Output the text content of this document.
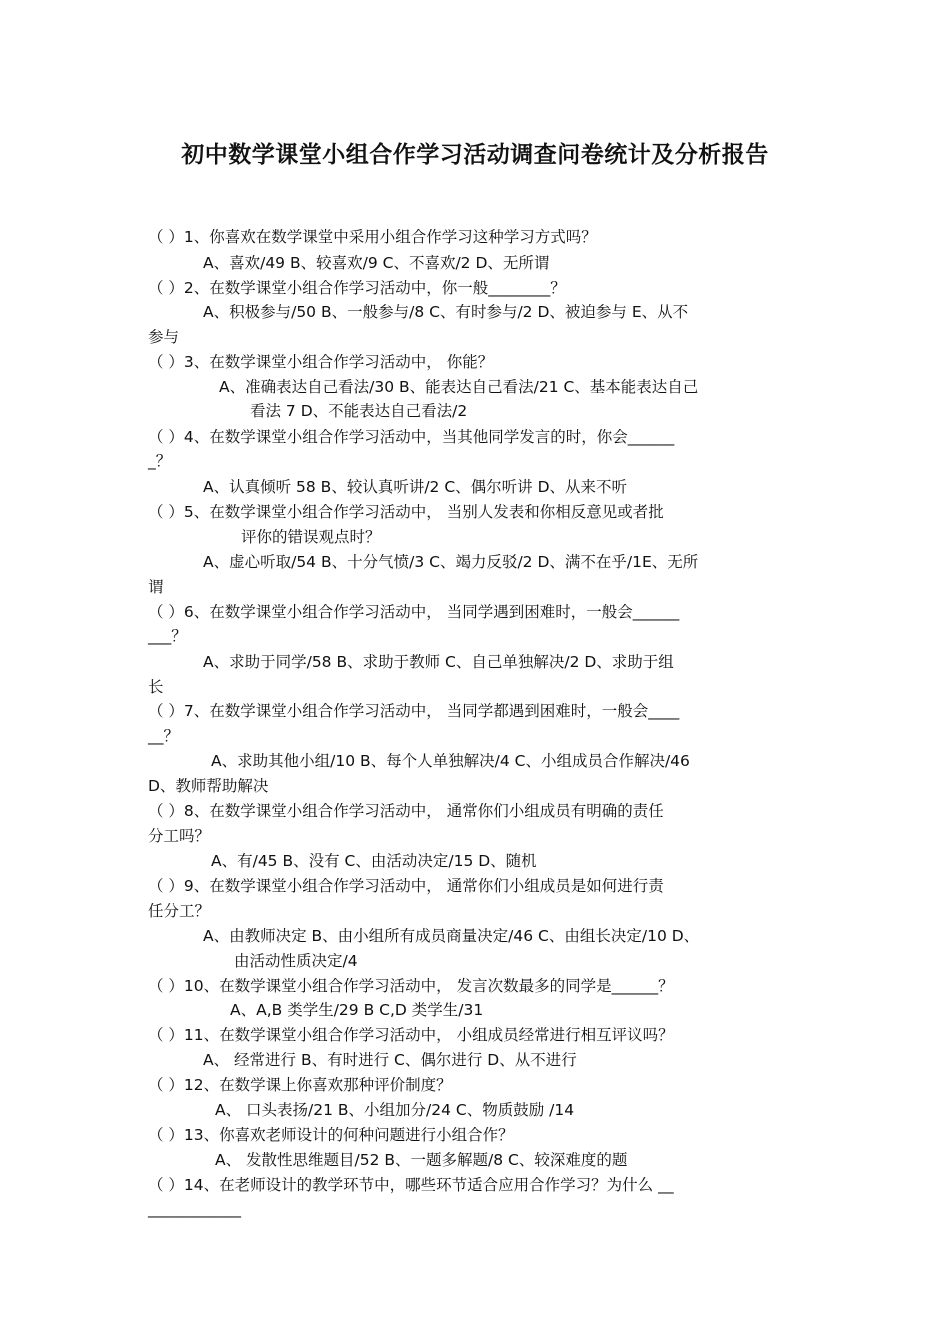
初中数学课堂小组合作学习活动调查问卷统计及分析报告
（ ）1、你喜欢在数学课堂中采用小组合作学习这种学习方式吗？
A、喜欢/49 B、较喜欢/9 C、不喜欢/2 D、无所谓
（ ）2、在数学课堂小组合作学习活动中，你一般________？
A、积极参与/50 B、一般参与/8 C、有时参与/2 D、被迫参与 E、从不
参与
（ ）3、在数学课堂小组合作学习活动中， 你能？
A、准确表达自己看法/30 B、能表达自己看法/21 C、基本能表达自己
看法 7 D、不能表达自己看法/2
（ ）4、在数学课堂小组合作学习活动中，当其他同学发言的时，你会______
_？
A、认真倾听 58 B、较认真听讲/2 C、偶尔听讲 D、从来不听
（ ）5、在数学课堂小组合作学习活动中， 当别人发表和你相反意见或者批
评你的错误观点时？
A、虚心听取/54 B、十分气愤/3 C、竭力反驳/2 D、满不在乎/1E、无所
谓
（ ）6、在数学课堂小组合作学习活动中， 当同学遇到困难时，一般会______
___？
A、求助于同学/58 B、求助于教师 C、自己单独解决/2 D、求助于组
长
（ ）7、在数学课堂小组合作学习活动中， 当同学都遇到困难时，一般会____
__？
A、求助其他小组/10 B、每个人单独解决/4 C、小组成员合作解决/46
D、教师帮助解决
（ ）8、在数学课堂小组合作学习活动中， 通常你们小组成员有明确的责任
分工吗？
A、有/45 B、没有 C、由活动决定/15 D、随机
（ ）9、在数学课堂小组合作学习活动中， 通常你们小组成员是如何进行责
任分工？
A、由教师决定 B、由小组所有成员商量决定/46 C、由组长决定/10 D、
由活动性质决定/4
（ ）10、在数学课堂小组合作学习活动中， 发言次数最多的同学是______？
A、A,B 类学生/29 B C,D 类学生/31
（ ）11、在数学课堂小组合作学习活动中， 小组成员经常进行相互评议吗？
A、 经常进行 B、有时进行 C、偶尔进行 D、从不进行
（ ）12、在数学课上你喜欢那种评价制度？
A、 口头表扬/21 B、小组加分/24 C、物质鼓励 /14
（ ）13、你喜欢老师设计的何种问题进行小组合作？
A、 发散性思维题目/52 B、一题多解题/8 C、较深难度的题
（ ）14、在老师设计的教学环节中，哪些环节适合应用合作学习？为什么 __
____________
